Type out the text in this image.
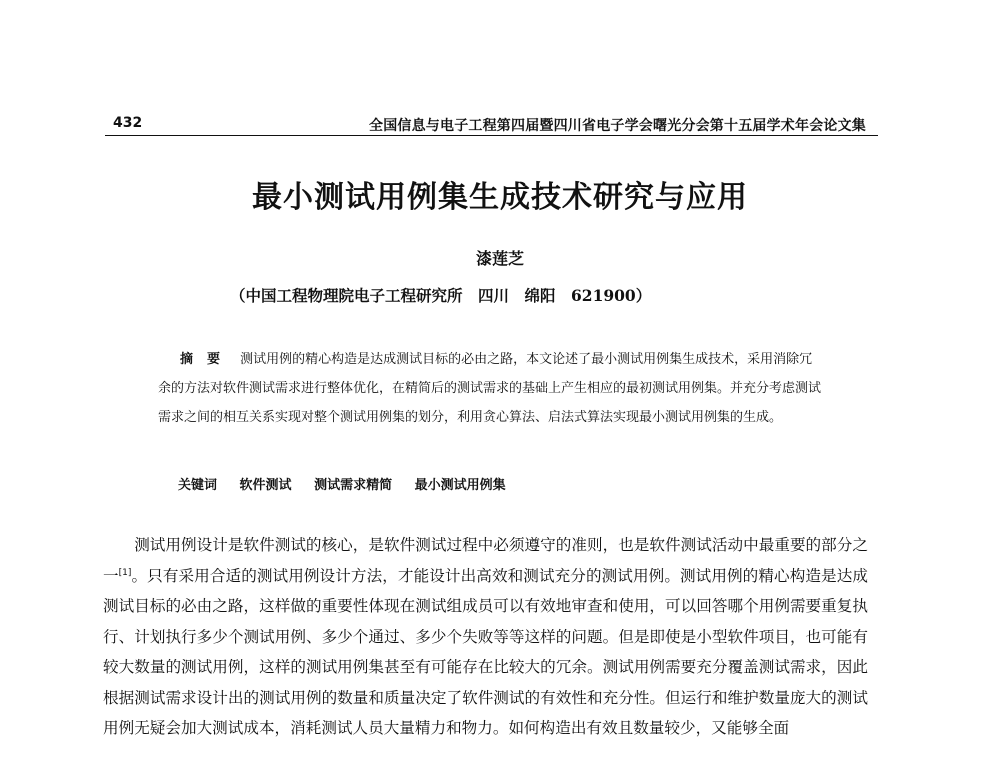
432	全国信息与电子工程第四届暨四川省电子学会曙光分会第十五届学术年会论文集
最小测试用例集生成技术研究与应用
漆莲芝
（中国工程物理院电子工程研究所　四川　绵阳　621900）
摘要 测试用例的精心构造是达成测试目标的必由之路，本文论述了最小测试用例集生成技术，采用消除冗余的方法对软件测试需求进行整体优化，在精简后的测试需求的基础上产生相应的最初测试用例集。并充分考虑测试需求之间的相互关系实现对整个测试用例集的划分，利用贪心算法、启法式算法实现最小测试用例集的生成。
关键词 软件测试 测试需求精简 最小测试用例集

测试用例设计是软件测试的核心，是软件测试过程中必须遵守的准则，也是软件测试活动中最重要的部分之一[1]。只有采用合适的测试用例设计方法，才能设计出高效和测试充分的测试用例。测试用例的精心构造是达成测试目标的必由之路，这样做的重要性体现在测试组成员可以有效地审查和使用，可以回答哪个用例需要重复执行、计划执行多少个测试用例、多少个通过、多少个失败等等这样的问题。但是即使是小型软件项目，也可能有较大数量的测试用例，这样的测试用例集甚至有可能存在比较大的冗余。测试用例需要充分覆盖测试需求，因此根据测试需求设计出的测试用例的数量和质量决定了软件测试的有效性和充分性。但运行和维护数量庞大的测试用例无疑会加大测试成本，消耗测试人员大量精力和物力。如何构造出有效且数量较少，又能够全面
